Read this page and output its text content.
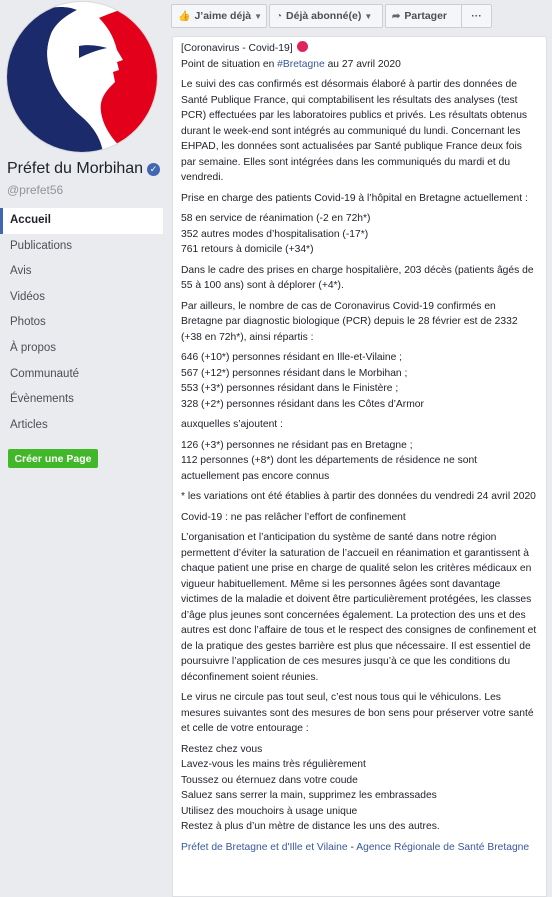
Préfet du Morbihan ✓
@prefet56
Accueil
Publications
Avis
Vidéos
Photos
À propos
Communauté
Évènements
Articles
Créer une Page
👍 J’aime déjà ▼	◔ Déjà abonné(e) ▼	➦ Partager	···

[Coronavirus - Covid-19]
Point de situation en #Bretagne au 27 avril 2020

Le suivi des cas confirmés est désormais élaboré à partir des données de Santé Publique France, qui comptabilisent les résultats des analyses (test PCR) effectuées par les laboratoires publics et privés. Les résultats obtenus durant le week-end sont intégrés au communiqué du lundi. Concernant les EHPAD, les données sont actualisées par Santé publique France deux fois par semaine. Elles sont intégrées dans les communiqués du mardi et du vendredi.

Prise en charge des patients Covid-19 à l’hôpital en Bretagne actuellement :

58 en service de réanimation (-2 en 72h*)
352 autres modes d’hospitalisation (-17*)
761 retours à domicile (+34*)

Dans le cadre des prises en charge hospitalière, 203 décès (patients âgés de 55 à 100 ans) sont à déplorer (+4*).

Par ailleurs, le nombre de cas de Coronavirus Covid-19 confirmés en Bretagne par diagnostic biologique (PCR) depuis le 28 février est de 2332 (+38 en 72h*), ainsi répartis :

646 (+10*) personnes résidant en Ille-et-Vilaine ;
567 (+12*) personnes résidant dans le Morbihan ;
553 (+3*) personnes résidant dans le Finistère ;
328 (+2*) personnes résidant dans les Côtes d’Armor

auxquelles s’ajoutent :

126 (+3*) personnes ne résidant pas en Bretagne ;
112 personnes (+8*) dont les départements de résidence ne sont actuellement pas encore connus

* les variations ont été établies à partir des données du vendredi 24 avril 2020

Covid-19 : ne pas relâcher l’effort de confinement

L’organisation et l’anticipation du système de santé dans notre région permettent d’éviter la saturation de l’accueil en réanimation et garantissent à chaque patient une prise en charge de qualité selon les critères médicaux en vigueur habituellement. Même si les personnes âgées sont davantage victimes de la maladie et doivent être particulièrement protégées, les classes d’âge plus jeunes sont concernées également. La protection des uns et des autres est donc l’affaire de tous et le respect des consignes de confinement et de la pratique des gestes barrière est plus que nécessaire. Il est essentiel de poursuivre l’application de ces mesures jusqu’à ce que les conditions du déconfinement soient réunies.

Le virus ne circule pas tout seul, c’est nous tous qui le véhiculons. Les mesures suivantes sont des mesures de bon sens pour préserver votre santé et celle de votre entourage :

Restez chez vous
Lavez-vous les mains très régulièrement
Toussez ou éternuez dans votre coude
Saluez sans serrer la main, supprimez les embrassades
Utilisez des mouchoirs à usage unique
Restez à plus d’un mètre de distance les uns des autres.

Préfet de Bretagne et d'Ille et Vilaine - Agence Régionale de Santé Bretagne
